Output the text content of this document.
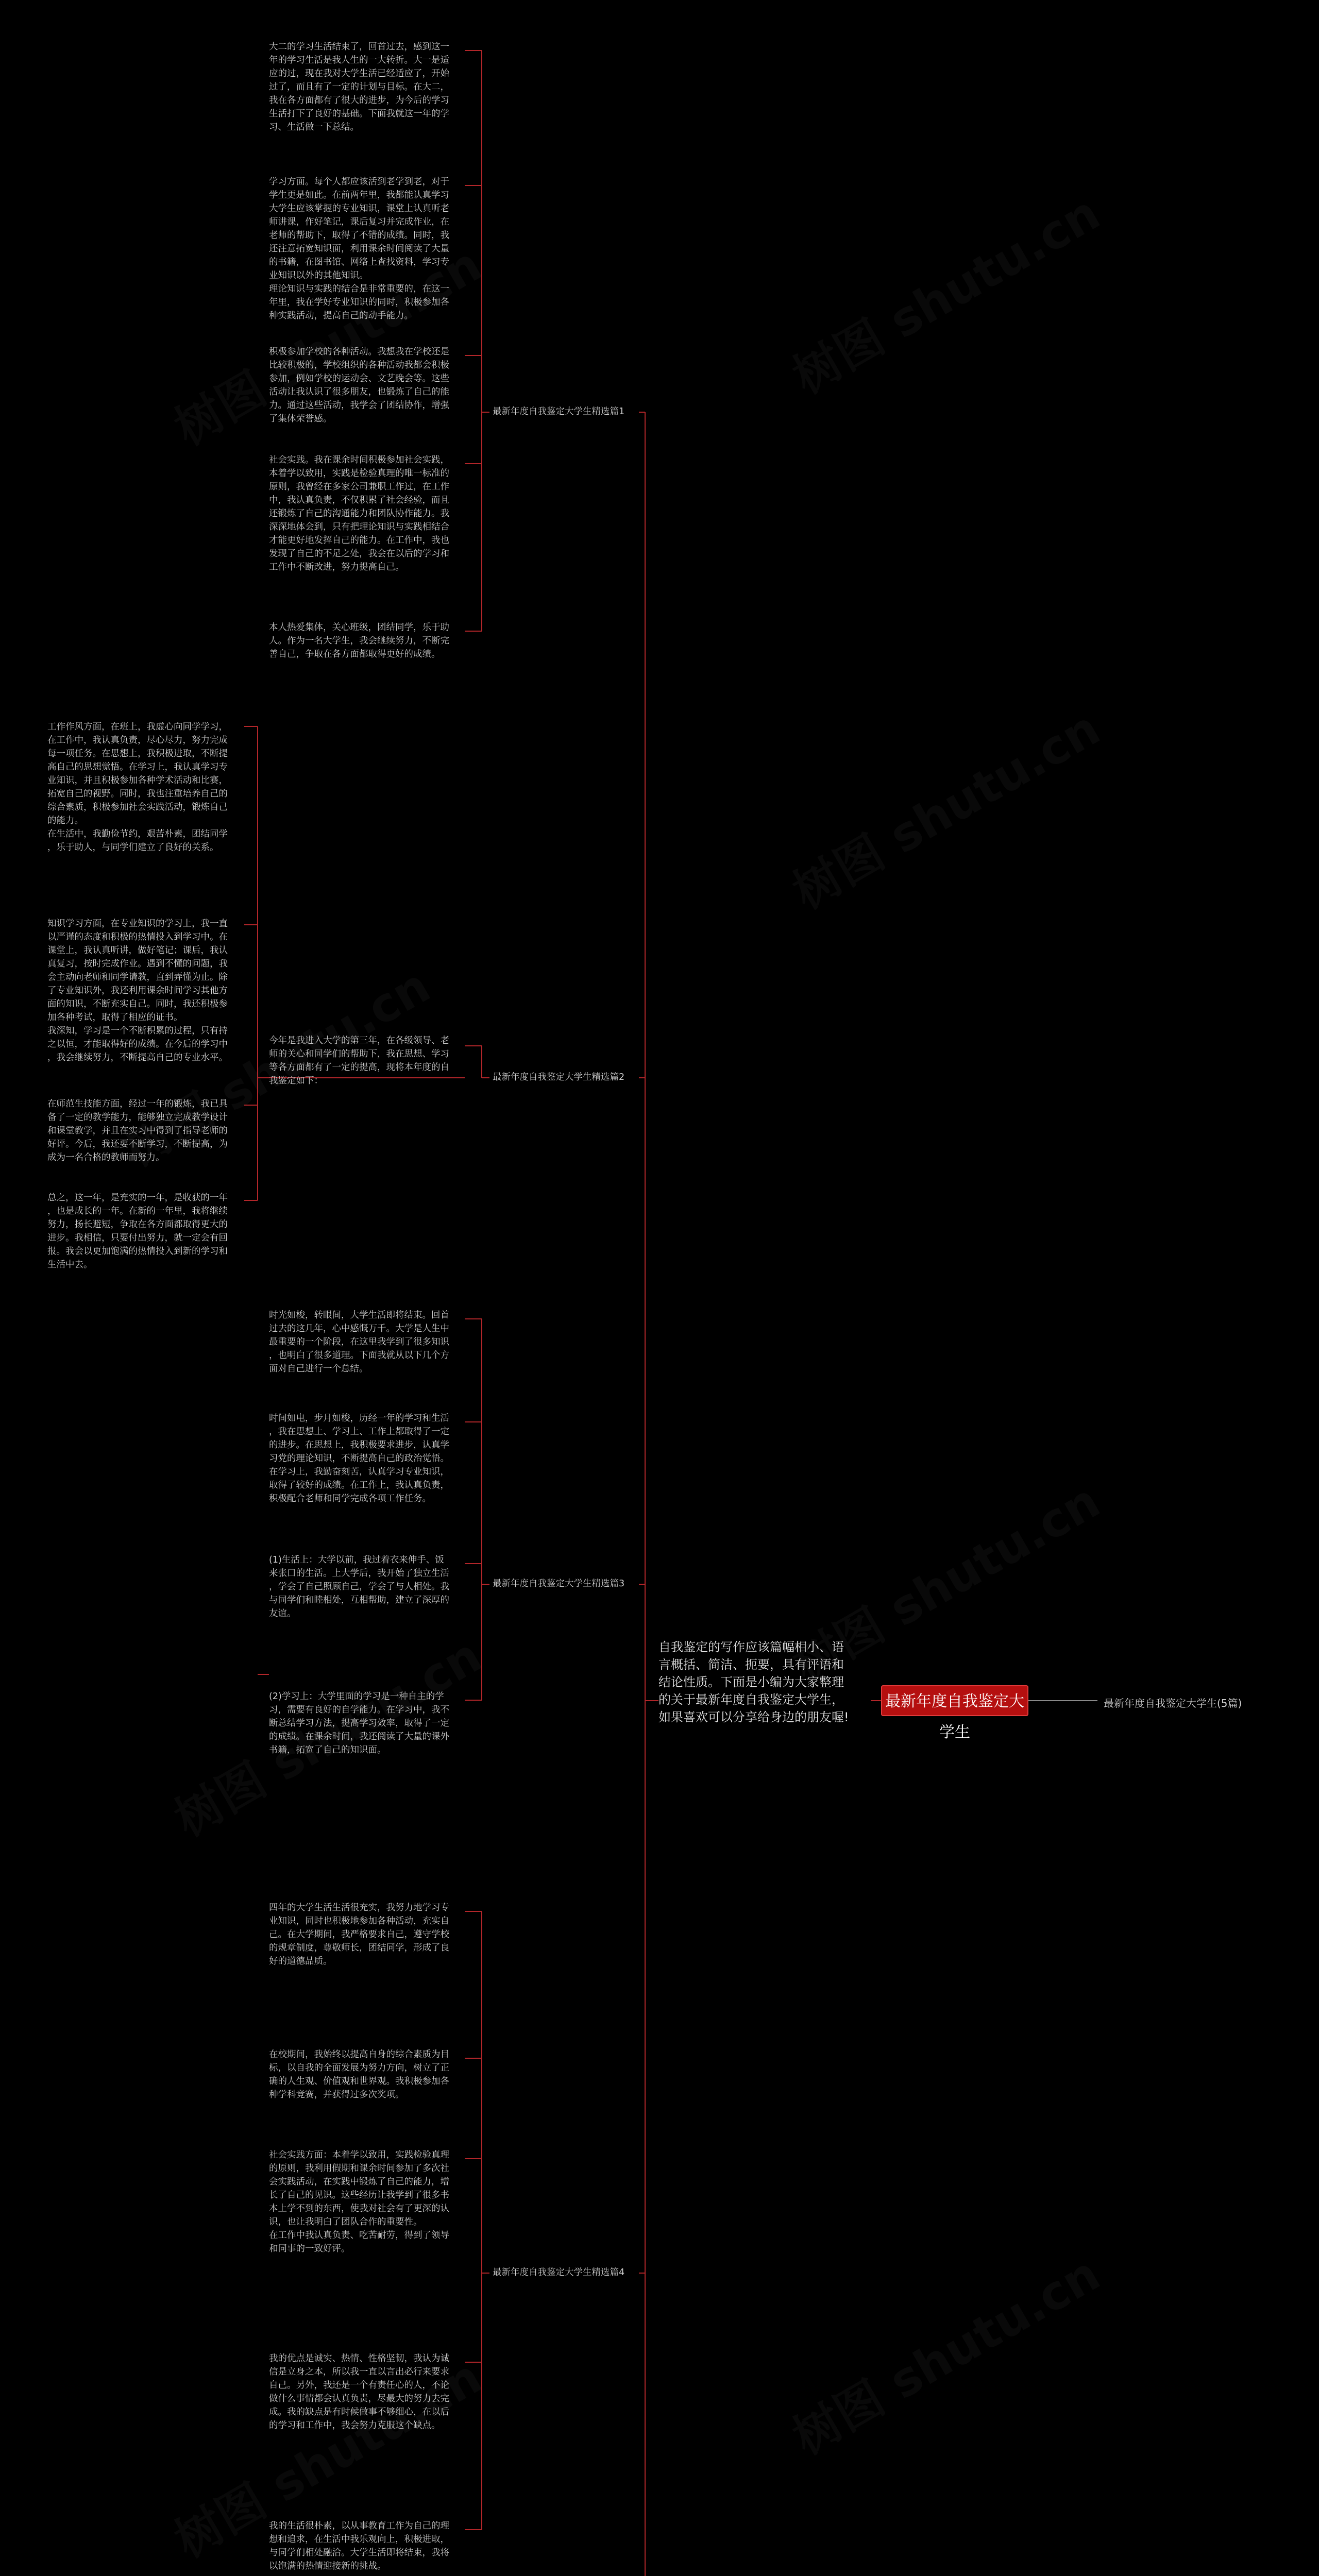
最新年度自我鉴定大学生
最新年度自我鉴定大学生(5篇)
自我鉴定的写作应该篇幅相小、语
言概括、简洁、扼要，具有评语和
结论性质。下面是小编为大家整理
的关于最新年度自我鉴定大学生，
如果喜欢可以分享给身边的朋友喔!
最新年度自我鉴定大学生精选篇1
大二的学习生活结束了，回首过去，感到这一
年的学习生活是我人生的一大转折。大一是适
应的过，现在我对大学生活已经适应了，开始
过了，而且有了一定的计划与目标。在大二，
我在各方面都有了很大的进步，为今后的学习
生活打下了良好的基础。下面我就这一年的学
习、生活做一下总结。
学习方面。每个人都应该活到老学到老，对于
学生更是如此。在前两年里，我都能认真学习
大学生应该掌握的专业知识，课堂上认真听老
师讲课，作好笔记，课后复习并完成作业，在
老师的帮助下，取得了不错的成绩。同时，我
还注意拓宽知识面，利用课余时间阅读了大量
的书籍，在图书馆、网络上查找资料，学习专
业知识以外的其他知识。
理论知识与实践的结合是非常重要的，在这一
年里，我在学好专业知识的同时，积极参加各
种实践活动，提高自己的动手能力。
积极参加学校的各种活动。我想我在学校还是
比较积极的，学校组织的各种活动我都会积极
参加，例如学校的运动会、文艺晚会等。这些
活动让我认识了很多朋友，也锻炼了自己的能
力。通过这些活动，我学会了团结协作，增强
了集体荣誉感。
社会实践。我在课余时间积极参加社会实践，
本着学以致用，实践是检验真理的唯一标准的
原则，我曾经在多家公司兼职工作过，在工作
中，我认真负责，不仅积累了社会经验，而且
还锻炼了自己的沟通能力和团队协作能力。我
深深地体会到，只有把理论知识与实践相结合
才能更好地发挥自己的能力。在工作中，我也
发现了自己的不足之处，我会在以后的学习和
工作中不断改进，努力提高自己。
本人热爱集体，关心班级，团结同学，乐于助
人。作为一名大学生，我会继续努力，不断完
善自己，争取在各方面都取得更好的成绩。
最新年度自我鉴定大学生精选篇2
今年是我进入大学的第三年，在各级领导、老
师的关心和同学们的帮助下，我在思想、学习
等各方面都有了一定的提高，现将本年度的自
我鉴定如下：
工作作风方面，在班上，我虚心向同学学习，
在工作中，我认真负责，尽心尽力，努力完成
每一项任务。在思想上，我积极进取，不断提
高自己的思想觉悟。在学习上，我认真学习专
业知识，并且积极参加各种学术活动和比赛，
拓宽自己的视野。同时，我也注重培养自己的
综合素质，积极参加社会实践活动，锻炼自己
的能力。
在生活中，我勤俭节约，艰苦朴素，团结同学
，乐于助人，与同学们建立了良好的关系。
知识学习方面，在专业知识的学习上，我一直
以严谨的态度和积极的热情投入到学习中。在
课堂上，我认真听讲，做好笔记；课后，我认
真复习，按时完成作业。遇到不懂的问题，我
会主动向老师和同学请教，直到弄懂为止。除
了专业知识外，我还利用课余时间学习其他方
面的知识，不断充实自己。同时，我还积极参
加各种考试，取得了相应的证书。
我深知，学习是一个不断积累的过程，只有持
之以恒，才能取得好的成绩。在今后的学习中
，我会继续努力，不断提高自己的专业水平。
在师范生技能方面，经过一年的锻炼，我已具
备了一定的教学能力，能够独立完成教学设计
和课堂教学，并且在实习中得到了指导老师的
好评。今后，我还要不断学习，不断提高，为
成为一名合格的教师而努力。
总之，这一年，是充实的一年，是收获的一年
，也是成长的一年。在新的一年里，我将继续
努力，扬长避短，争取在各方面都取得更大的
进步。我相信，只要付出努力，就一定会有回
报。我会以更加饱满的热情投入到新的学习和
生活中去。
最新年度自我鉴定大学生精选篇3
时光如梭，转眼间，大学生活即将结束。回首
过去的这几年，心中感慨万千。大学是人生中
最重要的一个阶段，在这里我学到了很多知识
，也明白了很多道理。下面我就从以下几个方
面对自己进行一个总结。
时间如电，步月如梭，历经一年的学习和生活
，我在思想上、学习上、工作上都取得了一定
的进步。在思想上，我积极要求进步，认真学
习党的理论知识，不断提高自己的政治觉悟。
在学习上，我勤奋刻苦，认真学习专业知识，
取得了较好的成绩。在工作上，我认真负责，
积极配合老师和同学完成各项工作任务。
(1)生活上：大学以前，我过着衣来伸手、饭
来张口的生活。上大学后，我开始了独立生活
，学会了自己照顾自己，学会了与人相处。我
与同学们和睦相处，互相帮助，建立了深厚的
友谊。
(2)学习上：大学里面的学习是一种自主的学
习，需要有良好的自学能力。在学习中，我不
断总结学习方法，提高学习效率，取得了一定
的成绩。在课余时间，我还阅读了大量的课外
书籍，拓宽了自己的知识面。
最新年度自我鉴定大学生精选篇4
四年的大学生活生活很充实，我努力地学习专
业知识，同时也积极地参加各种活动，充实自
己。在大学期间，我严格要求自己，遵守学校
的规章制度，尊敬师长，团结同学，形成了良
好的道德品质。
在校期间，我始终以提高自身的综合素质为目
标，以自我的全面发展为努力方向，树立了正
确的人生观、价值观和世界观。我积极参加各
种学科竞赛，并获得过多次奖项。
社会实践方面：本着学以致用，实践检验真理
的原则，我利用假期和课余时间参加了多次社
会实践活动，在实践中锻炼了自己的能力，增
长了自己的见识。这些经历让我学到了很多书
本上学不到的东西，使我对社会有了更深的认
识，也让我明白了团队合作的重要性。
在工作中我认真负责、吃苦耐劳，得到了领导
和同事的一致好评。
我的优点是诚实、热情、性格坚韧，我认为诚
信是立身之本，所以我一直以言出必行来要求
自己。另外，我还是一个有责任心的人，不论
做什么事情都会认真负责，尽最大的努力去完
成。我的缺点是有时候做事不够细心，在以后
的学习和工作中，我会努力克服这个缺点。
我的生活很朴素，以从事教育工作为自己的理
想和追求，在生活中我乐观向上，积极进取，
与同学们相处融洽。大学生活即将结束，我将
以饱满的热情迎接新的挑战。
